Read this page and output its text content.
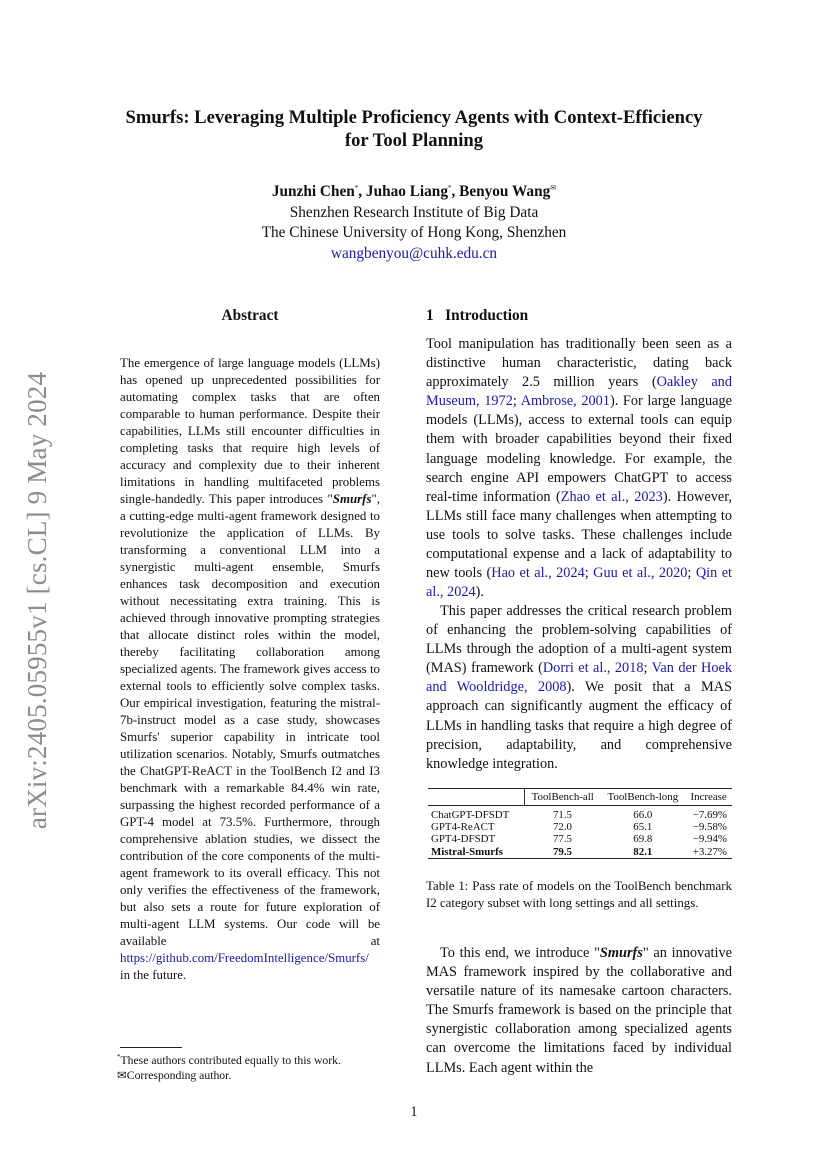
arXiv:2405.05955v1 [cs.CL] 9 May 2024
Smurfs: Leveraging Multiple Proficiency Agents with Context-Efficiency
for Tool Planning
Junzhi Chen*, Juhao Liang*, Benyou Wang✉
Shenzhen Research Institute of Big Data
The Chinese University of Hong Kong, Shenzhen
wangbenyou@cuhk.edu.cn
Abstract
The emergence of large language models (LLMs) has opened up unprecedented possibilities for automating complex tasks that are often comparable to human performance. Despite their capabilities, LLMs still encounter difficulties in completing tasks that require high levels of accuracy and complexity due to their inherent limitations in handling multifaceted problems single-handedly. This paper introduces "Smurfs", a cutting-edge multi-agent framework designed to revolutionize the application of LLMs. By transforming a conventional LLM into a synergistic multi-agent ensemble, Smurfs enhances task decomposition and execution without necessitating extra training. This is achieved through innovative prompting strategies that allocate distinct roles within the model, thereby facilitating collaboration among specialized agents. The framework gives access to external tools to efficiently solve complex tasks. Our empirical investigation, featuring the mistral-7b-instruct model as a case study, showcases Smurfs' superior capability in intricate tool utilization scenarios. Notably, Smurfs outmatches the ChatGPT-ReACT in the ToolBench I2 and I3 benchmark with a remarkable 84.4% win rate, surpassing the highest recorded performance of a GPT-4 model at 73.5%. Furthermore, through comprehensive ablation studies, we dissect the contribution of the core components of the multi-agent framework to its overall efficacy. This not only verifies the effectiveness of the framework, but also sets a route for future exploration of multi-agent LLM systems. Our code will be available at https://github.com/FreedomIntelligence/Smurfs/ in the future.
1 Introduction
Tool manipulation has traditionally been seen as a distinctive human characteristic, dating back approximately 2.5 million years (Oakley and Museum, 1972; Ambrose, 2001). For large language models (LLMs), access to external tools can equip them with broader capabilities beyond their fixed language modeling knowledge. For example, the search engine API empowers ChatGPT to access real-time information (Zhao et al., 2023). However, LLMs still face many challenges when attempting to use tools to solve tasks. These challenges include computational expense and a lack of adaptability to new tools (Hao et al., 2024; Guu et al., 2020; Qin et al., 2024).
This paper addresses the critical research problem of enhancing the problem-solving capabilities of LLMs through the adoption of a multi-agent system (MAS) framework (Dorri et al., 2018; Van der Hoek and Wooldridge, 2008). We posit that a MAS approach can significantly augment the efficacy of LLMs in handling tasks that require a high degree of precision, adaptability, and comprehensive knowledge integration.
	ToolBench-all	ToolBench-long	Increase
ChatGPT-DFSDT	71.5	66.0	−7.69%
GPT4-ReACT	72.0	65.1	−9.58%
GPT4-DFSDT	77.5	69.8	−9.94%
Mistral-Smurfs	79.5	82.1	+3.27%
Table 1: Pass rate of models on the ToolBench benchmark I2 category subset with long settings and all settings.
To this end, we introduce "Smurfs" an innovative MAS framework inspired by the collaborative and versatile nature of its namesake cartoon characters. The Smurfs framework is based on the principle that synergistic collaboration among specialized agents can overcome the limitations faced by individual LLMs. Each agent within the
*These authors contributed equally to this work.
✉Corresponding author.
1
